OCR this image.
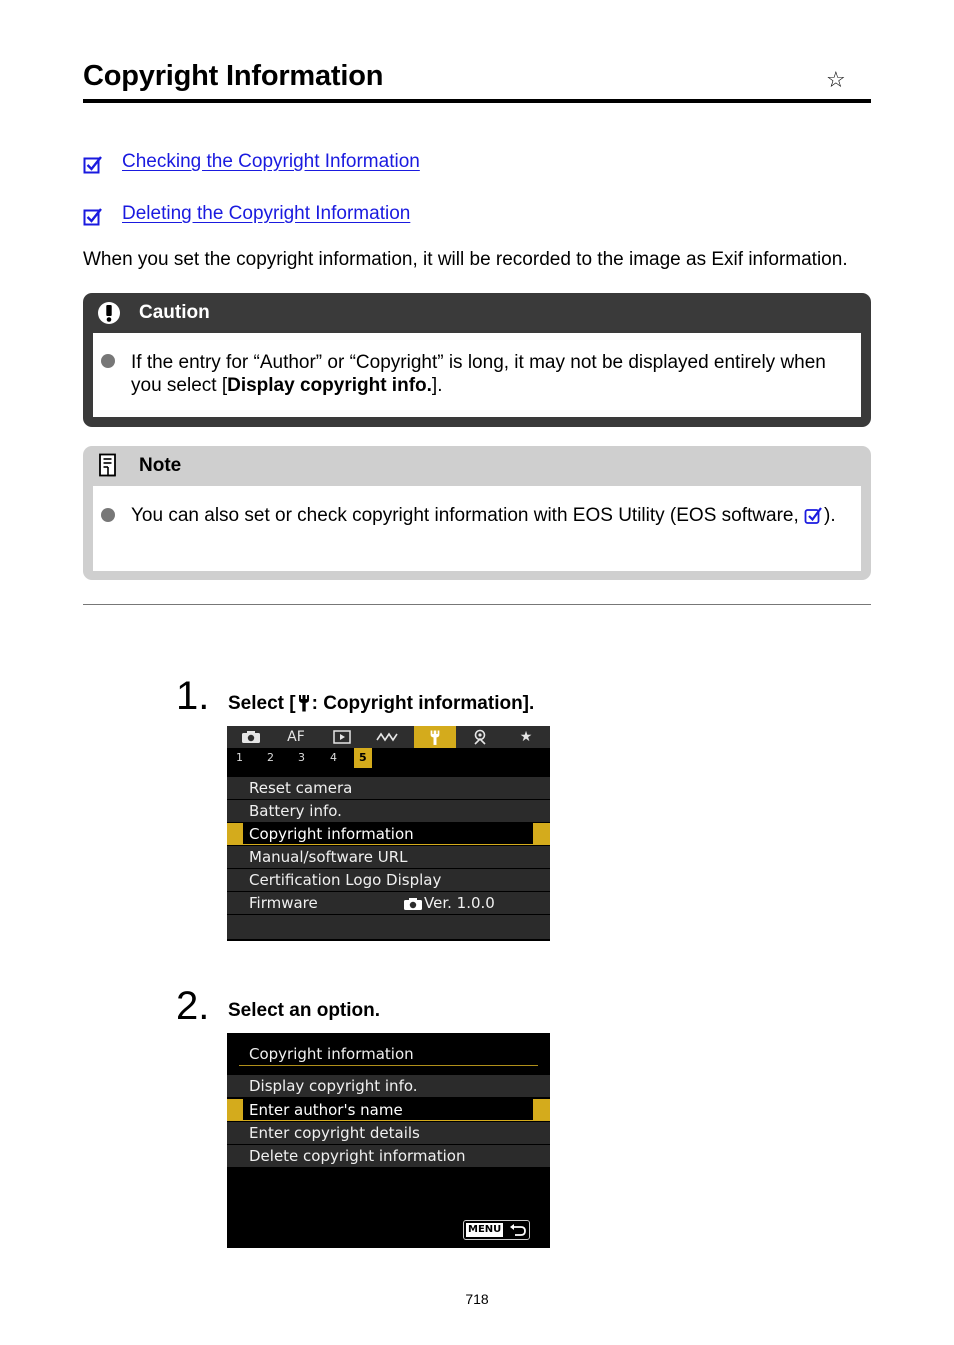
Copyright Information	☆
Checking the Copyright Information
Deleting the Copyright Information
When you set the copyright information, it will be recorded to the image as Exif information.
Caution

If the entry for “Author” or “Copyright” is long, it may not be displayed entirely when you select [Display copyright info.].

Note

You can also set or check copyright information with EOS Utility (EOS software, ).

1. Select [ : Copyright information].
AF	★
1 2 3 4	5
Reset camera
Battery info.
Copyright information
Manual/software URL
Certification Logo Display
Firmware	Ver. 1.0.0
2. Select an option.
Copyright information
Display copyright info.
Enter author's name
Enter copyright details
Delete copyright information
MENU
718
